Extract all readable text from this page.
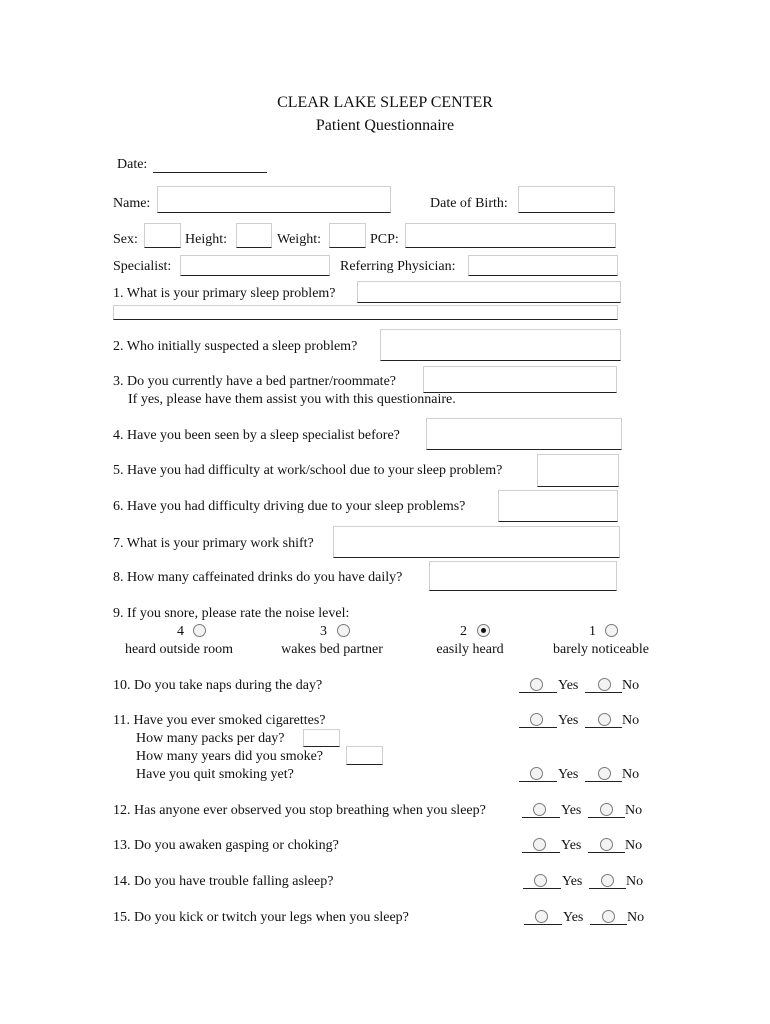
CLEAR LAKE SLEEP CENTER
Patient Questionnaire
Date:
Name:	Date of Birth:
Sex:	Height:	Weight:	PCP:
Specialist:	Referring Physician:
1. What is your primary sleep problem?
2. Who initially suspected a sleep problem?
3. Do you currently have a bed partner/roommate?
If yes, please have them assist you with this questionnaire.
4. Have you been seen by a sleep specialist before?
5. Have you had difficulty at work/school due to your sleep problem?
6. Have you had difficulty driving due to your sleep problems?
7. What is your primary work shift?
8. How many caffeinated drinks do you have daily?
9. If you snore, please rate the noise level:
4
heard outside room
3
wakes bed partner
2
easily heard
1
barely noticeable
10. Do you take naps during the day?	Yes	No
11. Have you ever smoked cigarettes?	Yes	No
How many packs per day?
How many years did you smoke?
Have you quit smoking yet?	Yes	No
12. Has anyone ever observed you stop breathing when you sleep?	Yes	No
13. Do you awaken gasping or choking?	Yes	No
14. Do you have trouble falling asleep?	Yes	No
15. Do you kick or twitch your legs when you sleep?	Yes	No
